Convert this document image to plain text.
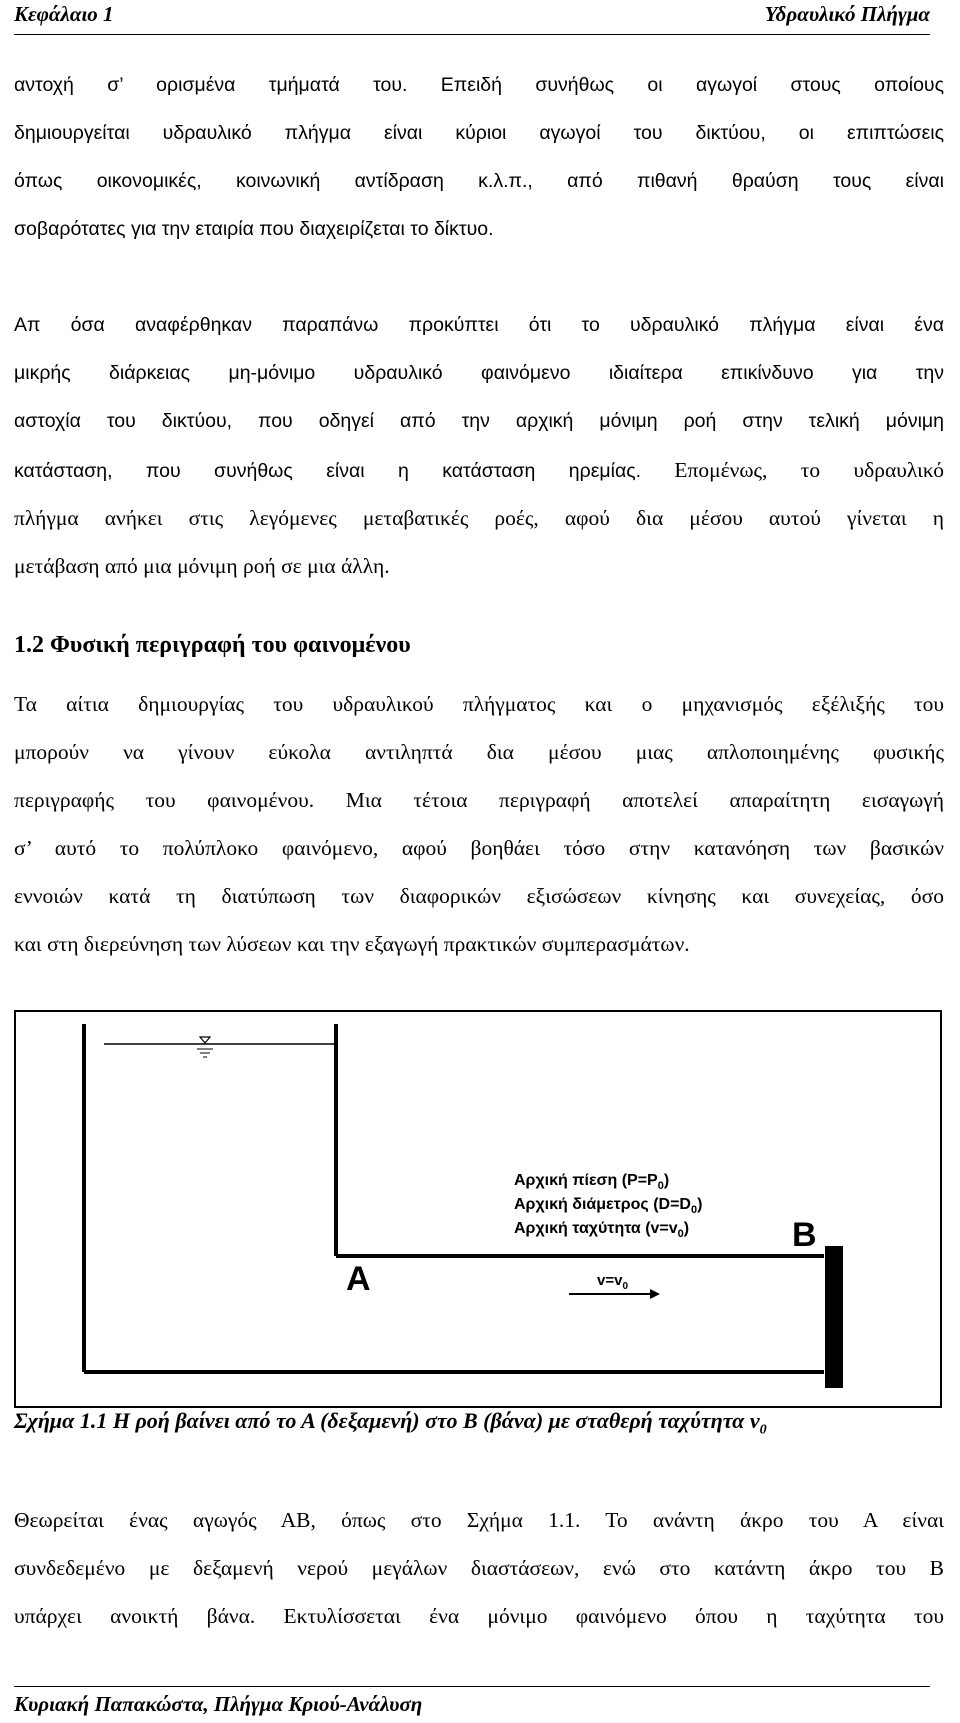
Κεφάλαιο 1	Υδραυλικό Πλήγμα
αντοχή σ’ ορισμένα τμήματά του. Επειδή συνήθως οι αγωγοί στους οποίους
δημιουργείται υδραυλικό πλήγμα είναι κύριοι αγωγοί του δικτύου, οι επιπτώσεις
όπως οικονομικές, κοινωνική αντίδραση κ.λ.π., από πιθανή θραύση τους είναι
σοβαρότατες για την εταιρία που διαχειρίζεται το δίκτυο.
Απ όσα αναφέρθηκαν παραπάνω προκύπτει ότι το υδραυλικό πλήγμα είναι ένα
μικρής διάρκειας μη-μόνιμο υδραυλικό φαινόμενο ιδιαίτερα επικίνδυνο για την
αστοχία του δικτύου, που οδηγεί από την αρχική μόνιμη ροή στην τελική μόνιμη
κατάσταση, που συνήθως είναι η κατάσταση ηρεμίας. Επομένως, το υδραυλικό
πλήγμα ανήκει στις λεγόμενες μεταβατικές ροές, αφού δια μέσου αυτού γίνεται η
μετάβαση από μια μόνιμη ροή σε μια άλλη.
1.2 Φυσική περιγραφή του φαινομένου
Τα αίτια δημιουργίας του υδραυλικού πλήγματος και ο μηχανισμός εξέλιξής του
μπορούν να γίνουν εύκολα αντιληπτά δια μέσου μιας απλοποιημένης φυσικής
περιγραφής του φαινομένου. Μια τέτοια περιγραφή αποτελεί απαραίτητη εισαγωγή
σ’ αυτό το πολύπλοκο φαινόμενο, αφού βοηθάει τόσο στην κατανόηση των βασικών
εννοιών κατά τη διατύπωση των διαφορικών εξισώσεων κίνησης και συνεχείας, όσο
και στη διερεύνηση των λύσεων και την εξαγωγή πρακτικών συμπερασμάτων.
A
B
Αρχική πίεση $(P=P_0)$
Αρχική διάμετρος $(D=D_0)$
Αρχική ταχύτητα $(v=v_0)$
$v=v_0$
Σχήμα 1.1 Η ροή βαίνει από το Α (δεξαμενή) στο Β (βάνα) με σταθερή ταχύτητα $v_0$
Θεωρείται ένας αγωγός ΑΒ, όπως στο Σχήμα 1.1. Το ανάντη άκρο του Α είναι
συνδεδεμένο με δεξαμενή νερού μεγάλων διαστάσεων, ενώ στο κατάντη άκρο του Β
υπάρχει ανοικτή βάνα. Εκτυλίσσεται ένα μόνιμο φαινόμενο όπου η ταχύτητα του
Κυριακή Παπακώστα, Πλήγμα Κριού-Ανάλυση
